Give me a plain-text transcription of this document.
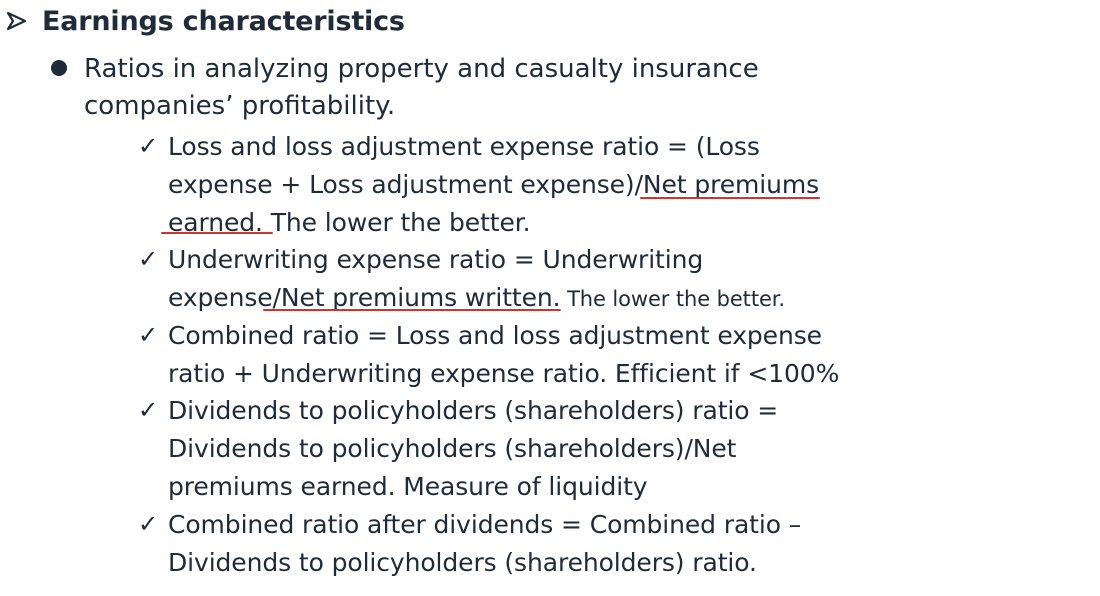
Earnings characteristics
Ratios in analyzing property and casualty insurance
companies’ profitability.
✓ Loss and loss adjustment expense ratio = (Loss
expense + Loss adjustment expense)/Net premiums
earned. The lower the better.
✓ Underwriting expense ratio = Underwriting
expense/Net premiums written. The lower the better.
✓ Combined ratio = Loss and loss adjustment expense
ratio + Underwriting expense ratio. Efficient if <100%
✓ Dividends to policyholders (shareholders) ratio =
Dividends to policyholders (shareholders)/Net
premiums earned. Measure of liquidity
✓ Combined ratio after dividends = Combined ratio –
Dividends to policyholders (shareholders) ratio.
